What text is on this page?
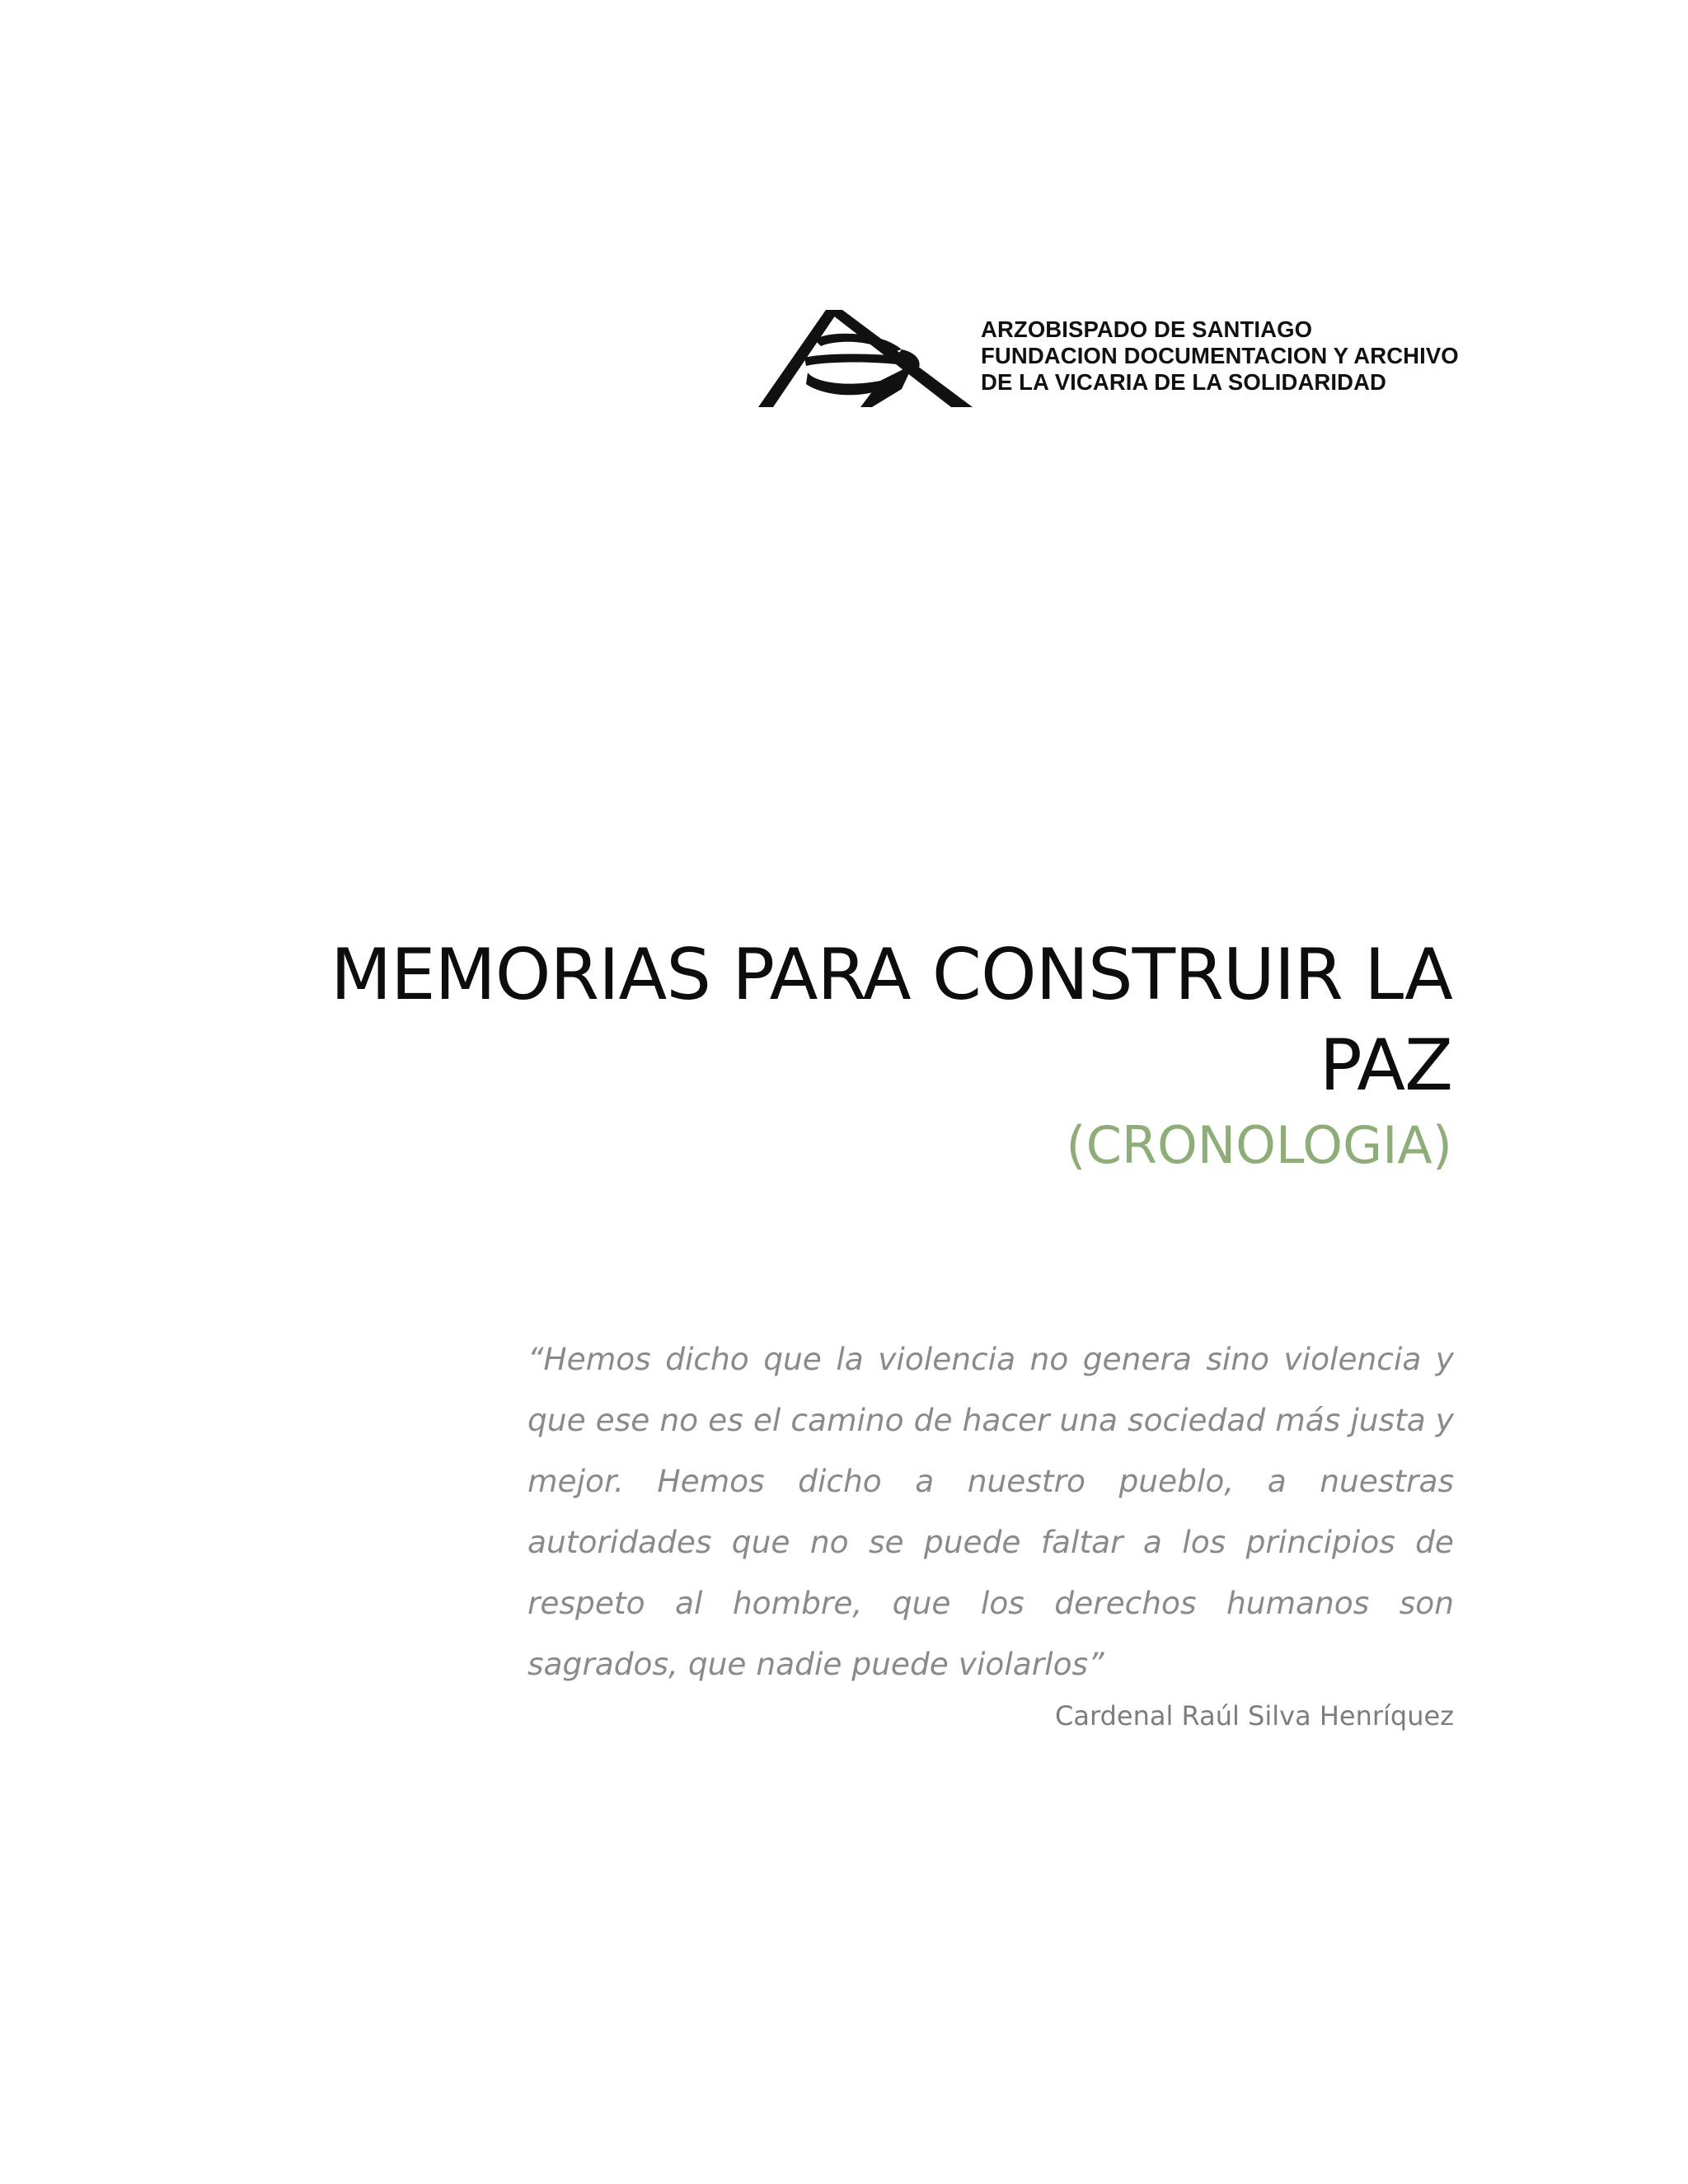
ARZOBISPADO DE SANTIAGO
FUNDACION DOCUMENTACION Y ARCHIVO
DE LA VICARIA DE LA SOLIDARIDAD
MEMORIAS PARA CONSTRUIR LA
PAZ
(CRONOLOGIA)

“Hemos dicho que la violencia no genera sino violencia y que ese no es el camino de hacer una sociedad más justa y mejor. Hemos dicho a nuestro pueblo, a nuestras autoridades que no se puede faltar a los principios de respeto al hombre, que los derechos humanos son sagrados, que nadie puede violarlos”

Cardenal Raúl Silva Henríquez
